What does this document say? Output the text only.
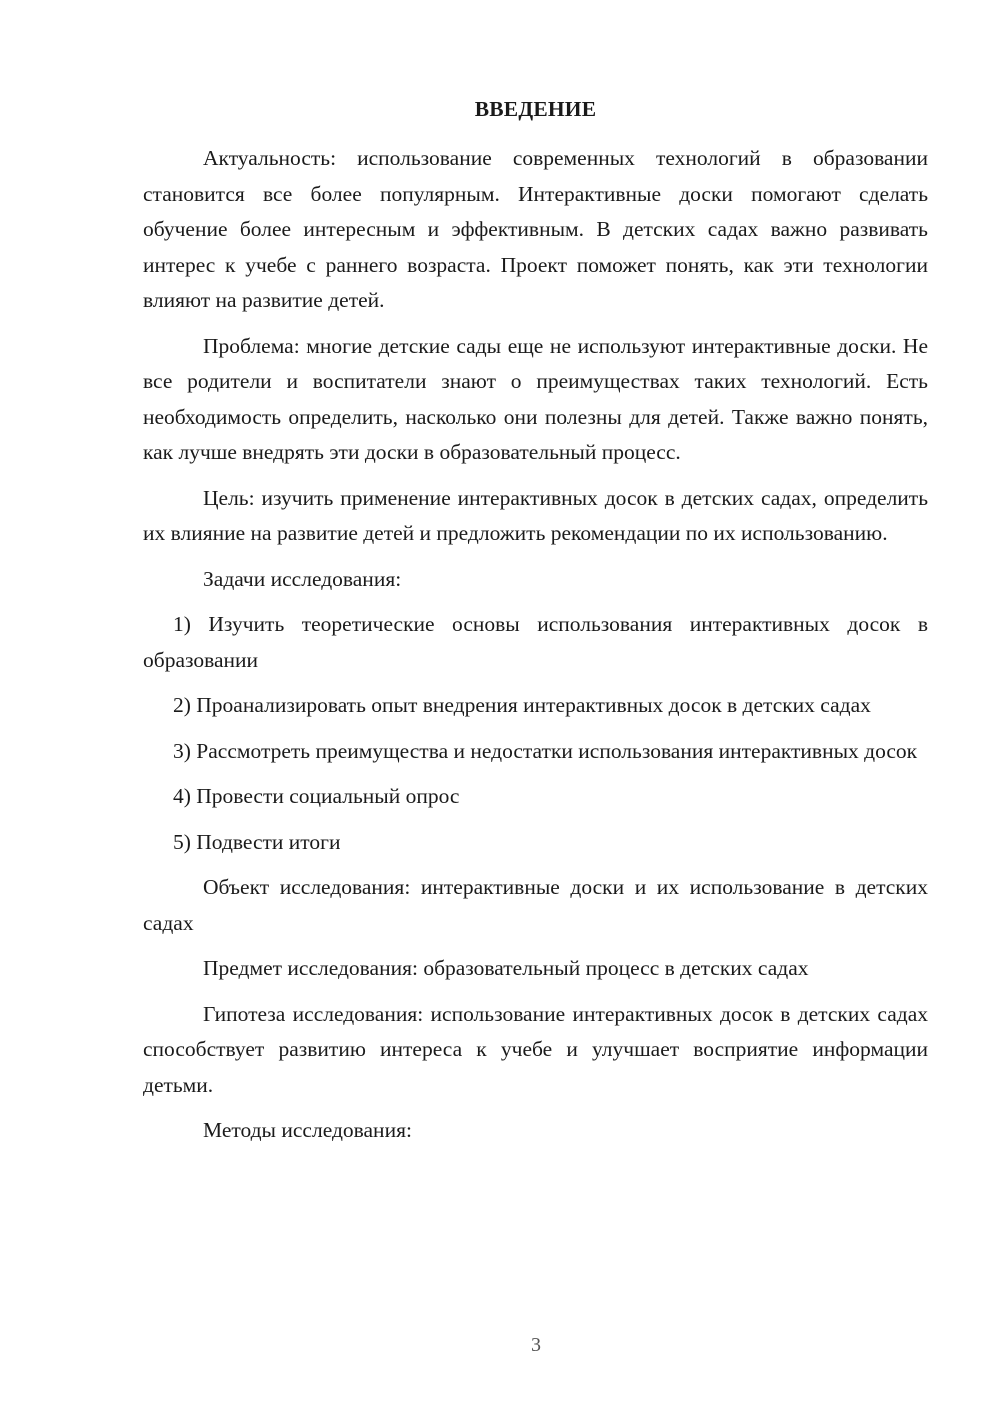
ВВЕДЕНИЕ

Актуальность: использование современных технологий в образовании становится все более популярным. Интерактивные доски помогают сделать обучение более интересным и эффективным. В детских садах важно развивать интерес к учебе с раннего возраста. Проект поможет понять, как эти технологии влияют на развитие детей.

Проблема: многие детские сады еще не используют интерактивные доски. Не все родители и воспитатели знают о преимуществах таких технологий. Есть необходимость определить, насколько они полезны для детей. Также важно понять, как лучше внедрять эти доски в образовательный процесс.

Цель: изучить применение интерактивных досок в детских садах, определить их влияние на развитие детей и предложить рекомендации по их использованию.

Задачи исследования:

1) Изучить теоретические основы использования интерактивных досок в образовании

2) Проанализировать опыт внедрения интерактивных досок в детских садах

3) Рассмотреть преимущества и недостатки использования интерактивных досок

4) Провести социальный опрос

5) Подвести итоги

Объект исследования: интерактивные доски и их использование в детских садах

Предмет исследования: образовательный процесс в детских садах

Гипотеза исследования: использование интерактивных досок в детских садах способствует развитию интереса к учебе и улучшает восприятие информации детьми.

Методы исследования:

3
